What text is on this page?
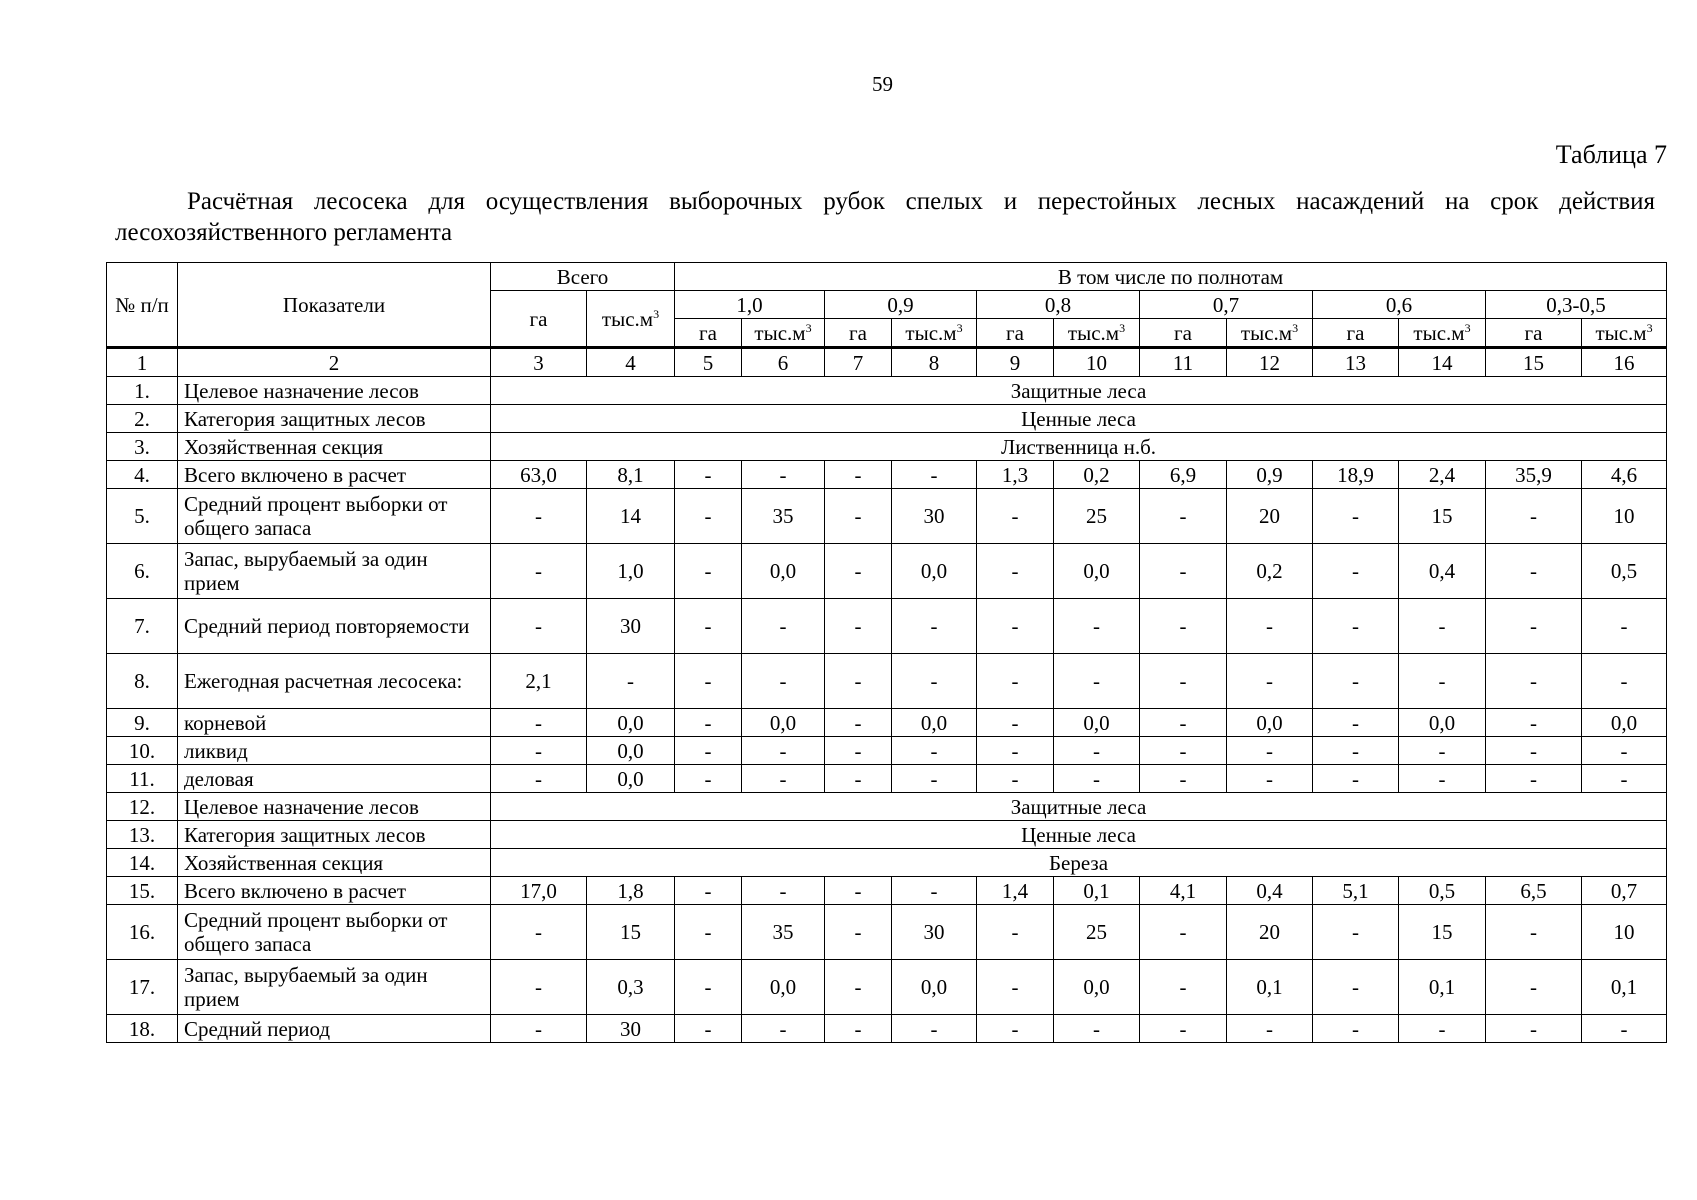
59
Таблица 7
Расчётная лесосека для осуществления выборочных рубок спелых и перестойных лесных насаждений на срок действия лесохозяйственного регламента
№ п/п	Показатели	Всего		В том числе по полнотам											
		га	$тыс.м^3$	1,0		0,9		0,8		0,7		0,6		0,3-0,5	
				га	$тыс.м^3$	га	$тыс.м^3$	га	$тыс.м^3$	га	$тыс.м^3$	га	$тыс.м^3$	га	$тыс.м^3$
1	2	3	4	5	6	7	8	9	10	11	12	13	14	15	16
1.	Целевое назначение лесов	Защитные леса													
2.	Категория защитных лесов	Ценные леса													
3.	Хозяйственная секция	Лиственница н.б.													
4.	Всего включено в расчет	63,0	8,1	-	-	-	-	1,3	0,2	6,9	0,9	18,9	2,4	35,9	4,6
5.	Средний процент выборки от общего запаса	-	14	-	35	-	30	-	25	-	20	-	15	-	10
6.	Запас, вырубаемый за один прием	-	1,0	-	0,0	-	0,0	-	0,0	-	0,2	-	0,4	-	0,5
7.	Средний период повторяемости	-	30	-	-	-	-	-	-	-	-	-	-	-	-
8.	Ежегодная расчетная лесосека:	2,1	-	-	-	-	-	-	-	-	-	-	-	-	-
9.	корневой	-	0,0	-	0,0	-	0,0	-	0,0	-	0,0	-	0,0	-	0,0
10.	ликвид	-	0,0	-	-	-	-	-	-	-	-	-	-	-	-
11.	деловая	-	0,0	-	-	-	-	-	-	-	-	-	-	-	-
12.	Целевое назначение лесов	Защитные леса													
13.	Категория защитных лесов	Ценные леса													
14.	Хозяйственная секция	Береза													
15.	Всего включено в расчет	17,0	1,8	-	-	-	-	1,4	0,1	4,1	0,4	5,1	0,5	6,5	0,7
16.	Средний процент выборки от общего запаса	-	15	-	35	-	30	-	25	-	20	-	15	-	10
17.	Запас, вырубаемый за один прием	-	0,3	-	0,0	-	0,0	-	0,0	-	0,1	-	0,1	-	0,1
18.	Средний период	-	30	-	-	-	-	-	-	-	-	-	-	-	-
